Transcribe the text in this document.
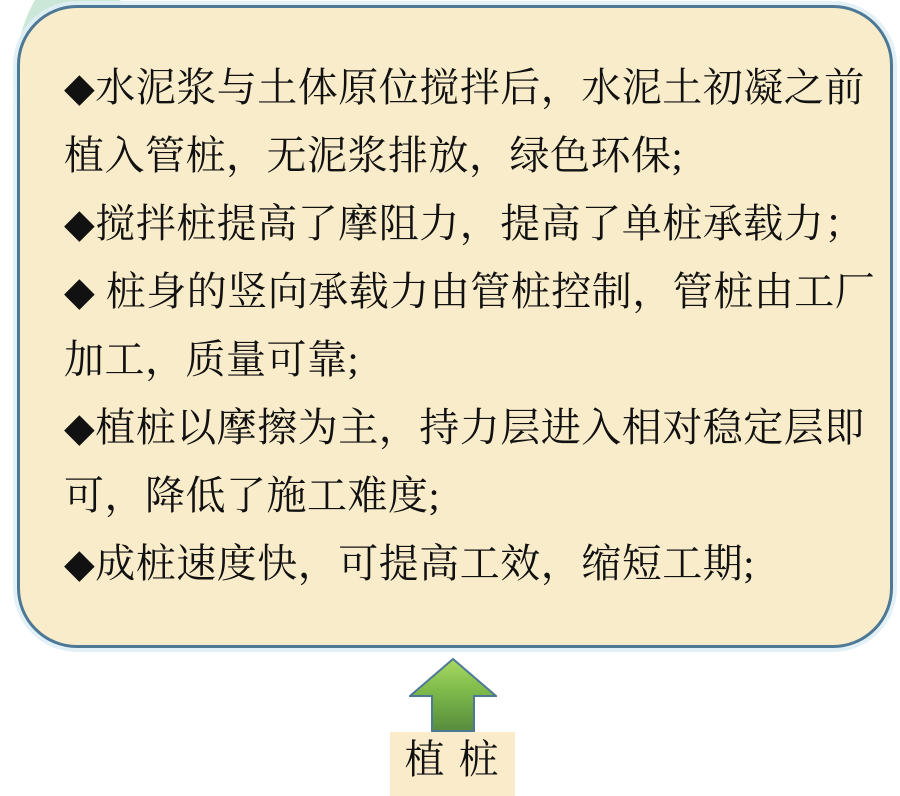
◆水泥浆与土体原位搅拌后，水泥土初凝之前
植入管桩，无泥浆排放，绿色环保;
◆搅拌桩提高了摩阻力，提高了单桩承载力；
◆ 桩身的竖向承载力由管桩控制，管桩由工厂
加工，质量可靠;
◆植桩以摩擦为主，持力层进入相对稳定层即
可，降低了施工难度;
◆成桩速度快，可提高工效，缩短工期;
植 桩
